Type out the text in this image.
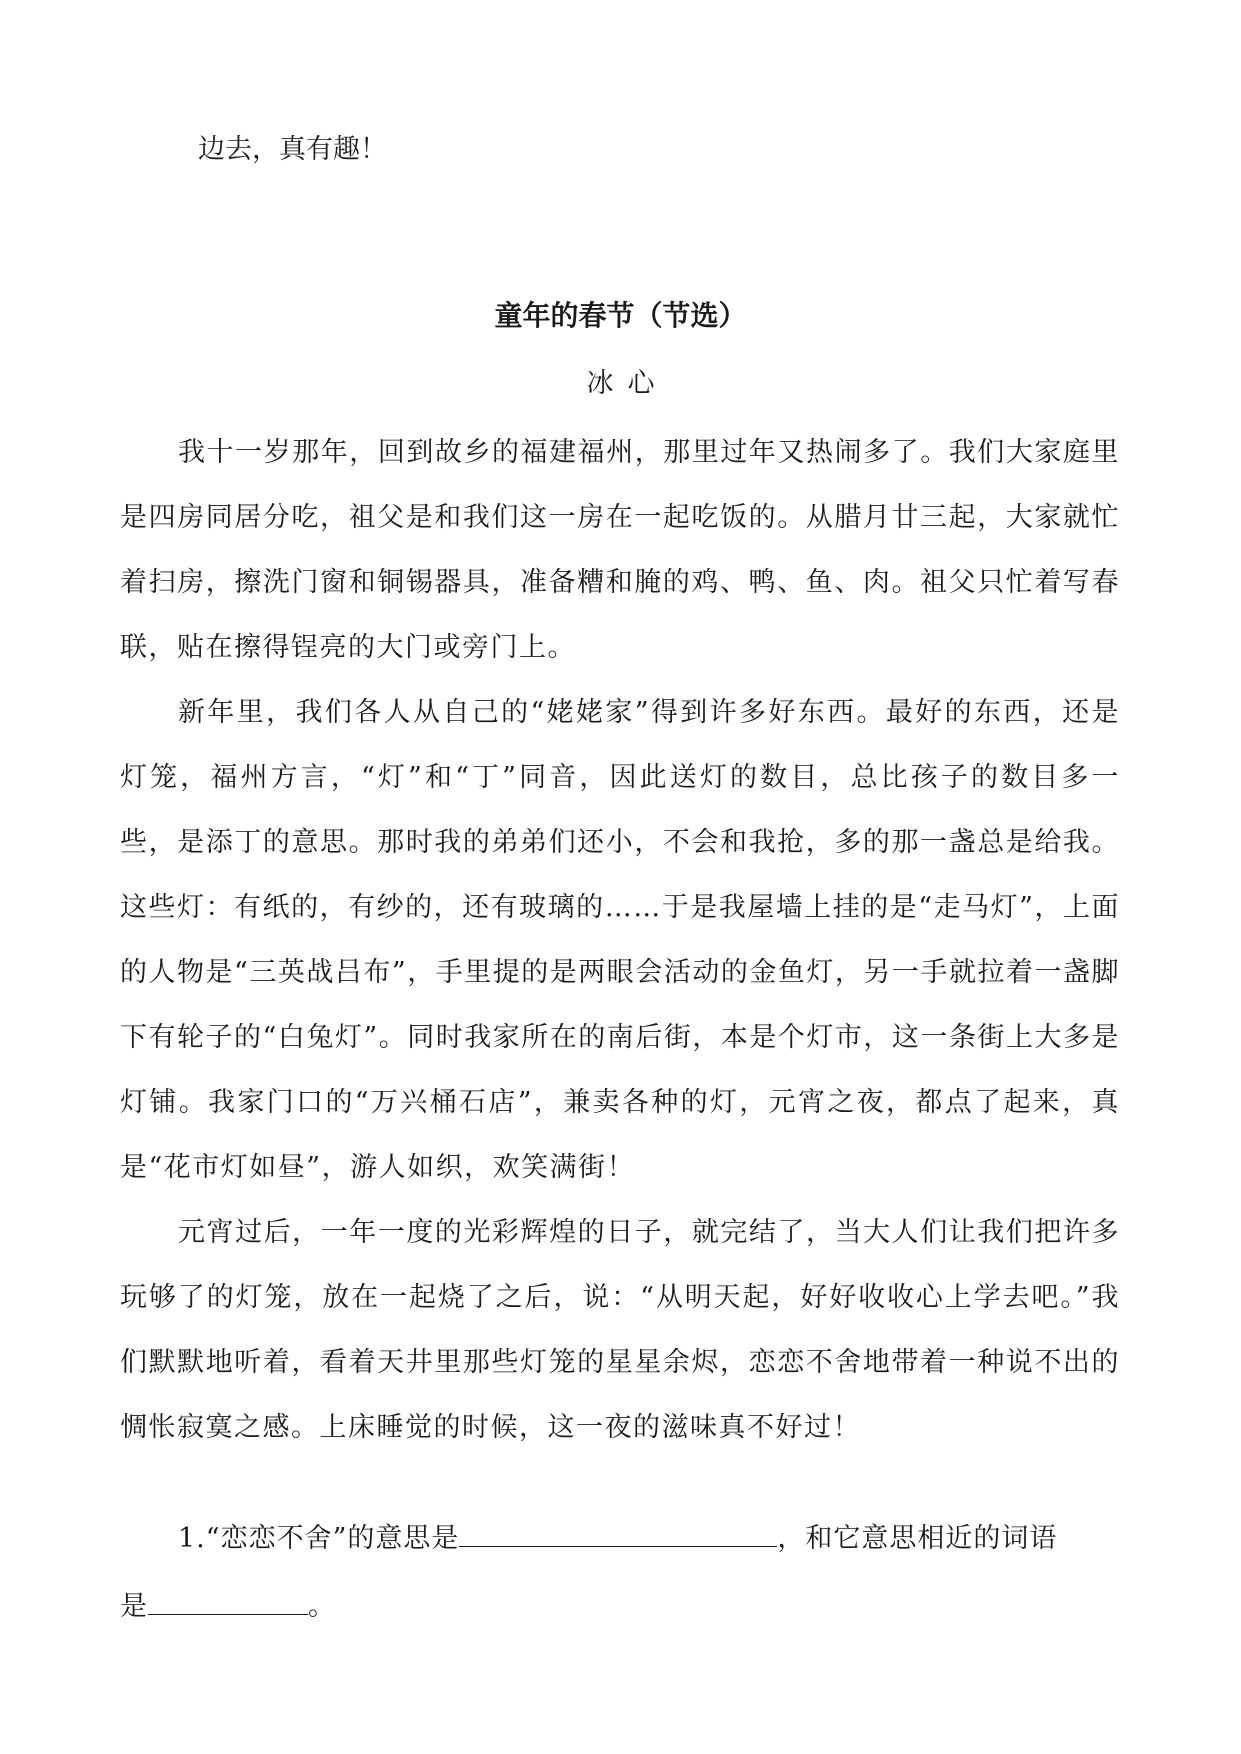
边去，真有趣！
童年的春节（节选）
冰心

我十一岁那年，回到故乡的福建福州，那里过年又热闹多了。我们大家庭里是四房同居分吃，祖父是和我们这一房在一起吃饭的。从腊月廿三起，大家就忙着扫房，擦洗门窗和铜锡器具，准备糟和腌的鸡、鸭、鱼、肉。祖父只忙着写春联，贴在擦得锃亮的大门或旁门上。

新年里，我们各人从自己的“姥姥家”得到许多好东西。最好的东西，还是灯笼，福州方言，“灯”和“丁”同音，因此送灯的数目，总比孩子的数目多一些，是添丁的意思。那时我的弟弟们还小，不会和我抢，多的那一盏总是给我。这些灯：有纸的，有纱的，还有玻璃的……于是我屋墙上挂的是“走马灯”，上面的人物是“三英战吕布”，手里提的是两眼会活动的金鱼灯，另一手就拉着一盏脚下有轮子的“白兔灯”。同时我家所在的南后街，本是个灯市，这一条街上大多是灯铺。我家门口的“万兴桶石店”，兼卖各种的灯，元宵之夜，都点了起来，真是“花市灯如昼”，游人如织，欢笑满街！

元宵过后，一年一度的光彩辉煌的日子，就完结了，当大人们让我们把许多玩够了的灯笼，放在一起烧了之后，说：“从明天起，好好收收心上学去吧。”我们默默地听着，看着天井里那些灯笼的星星余烬，恋恋不舍地带着一种说不出的惆怅寂寞之感。上床睡觉的时候，这一夜的滋味真不好过！

1.“恋恋不舍”的意思是	，和它意思相近的词语
是	。
